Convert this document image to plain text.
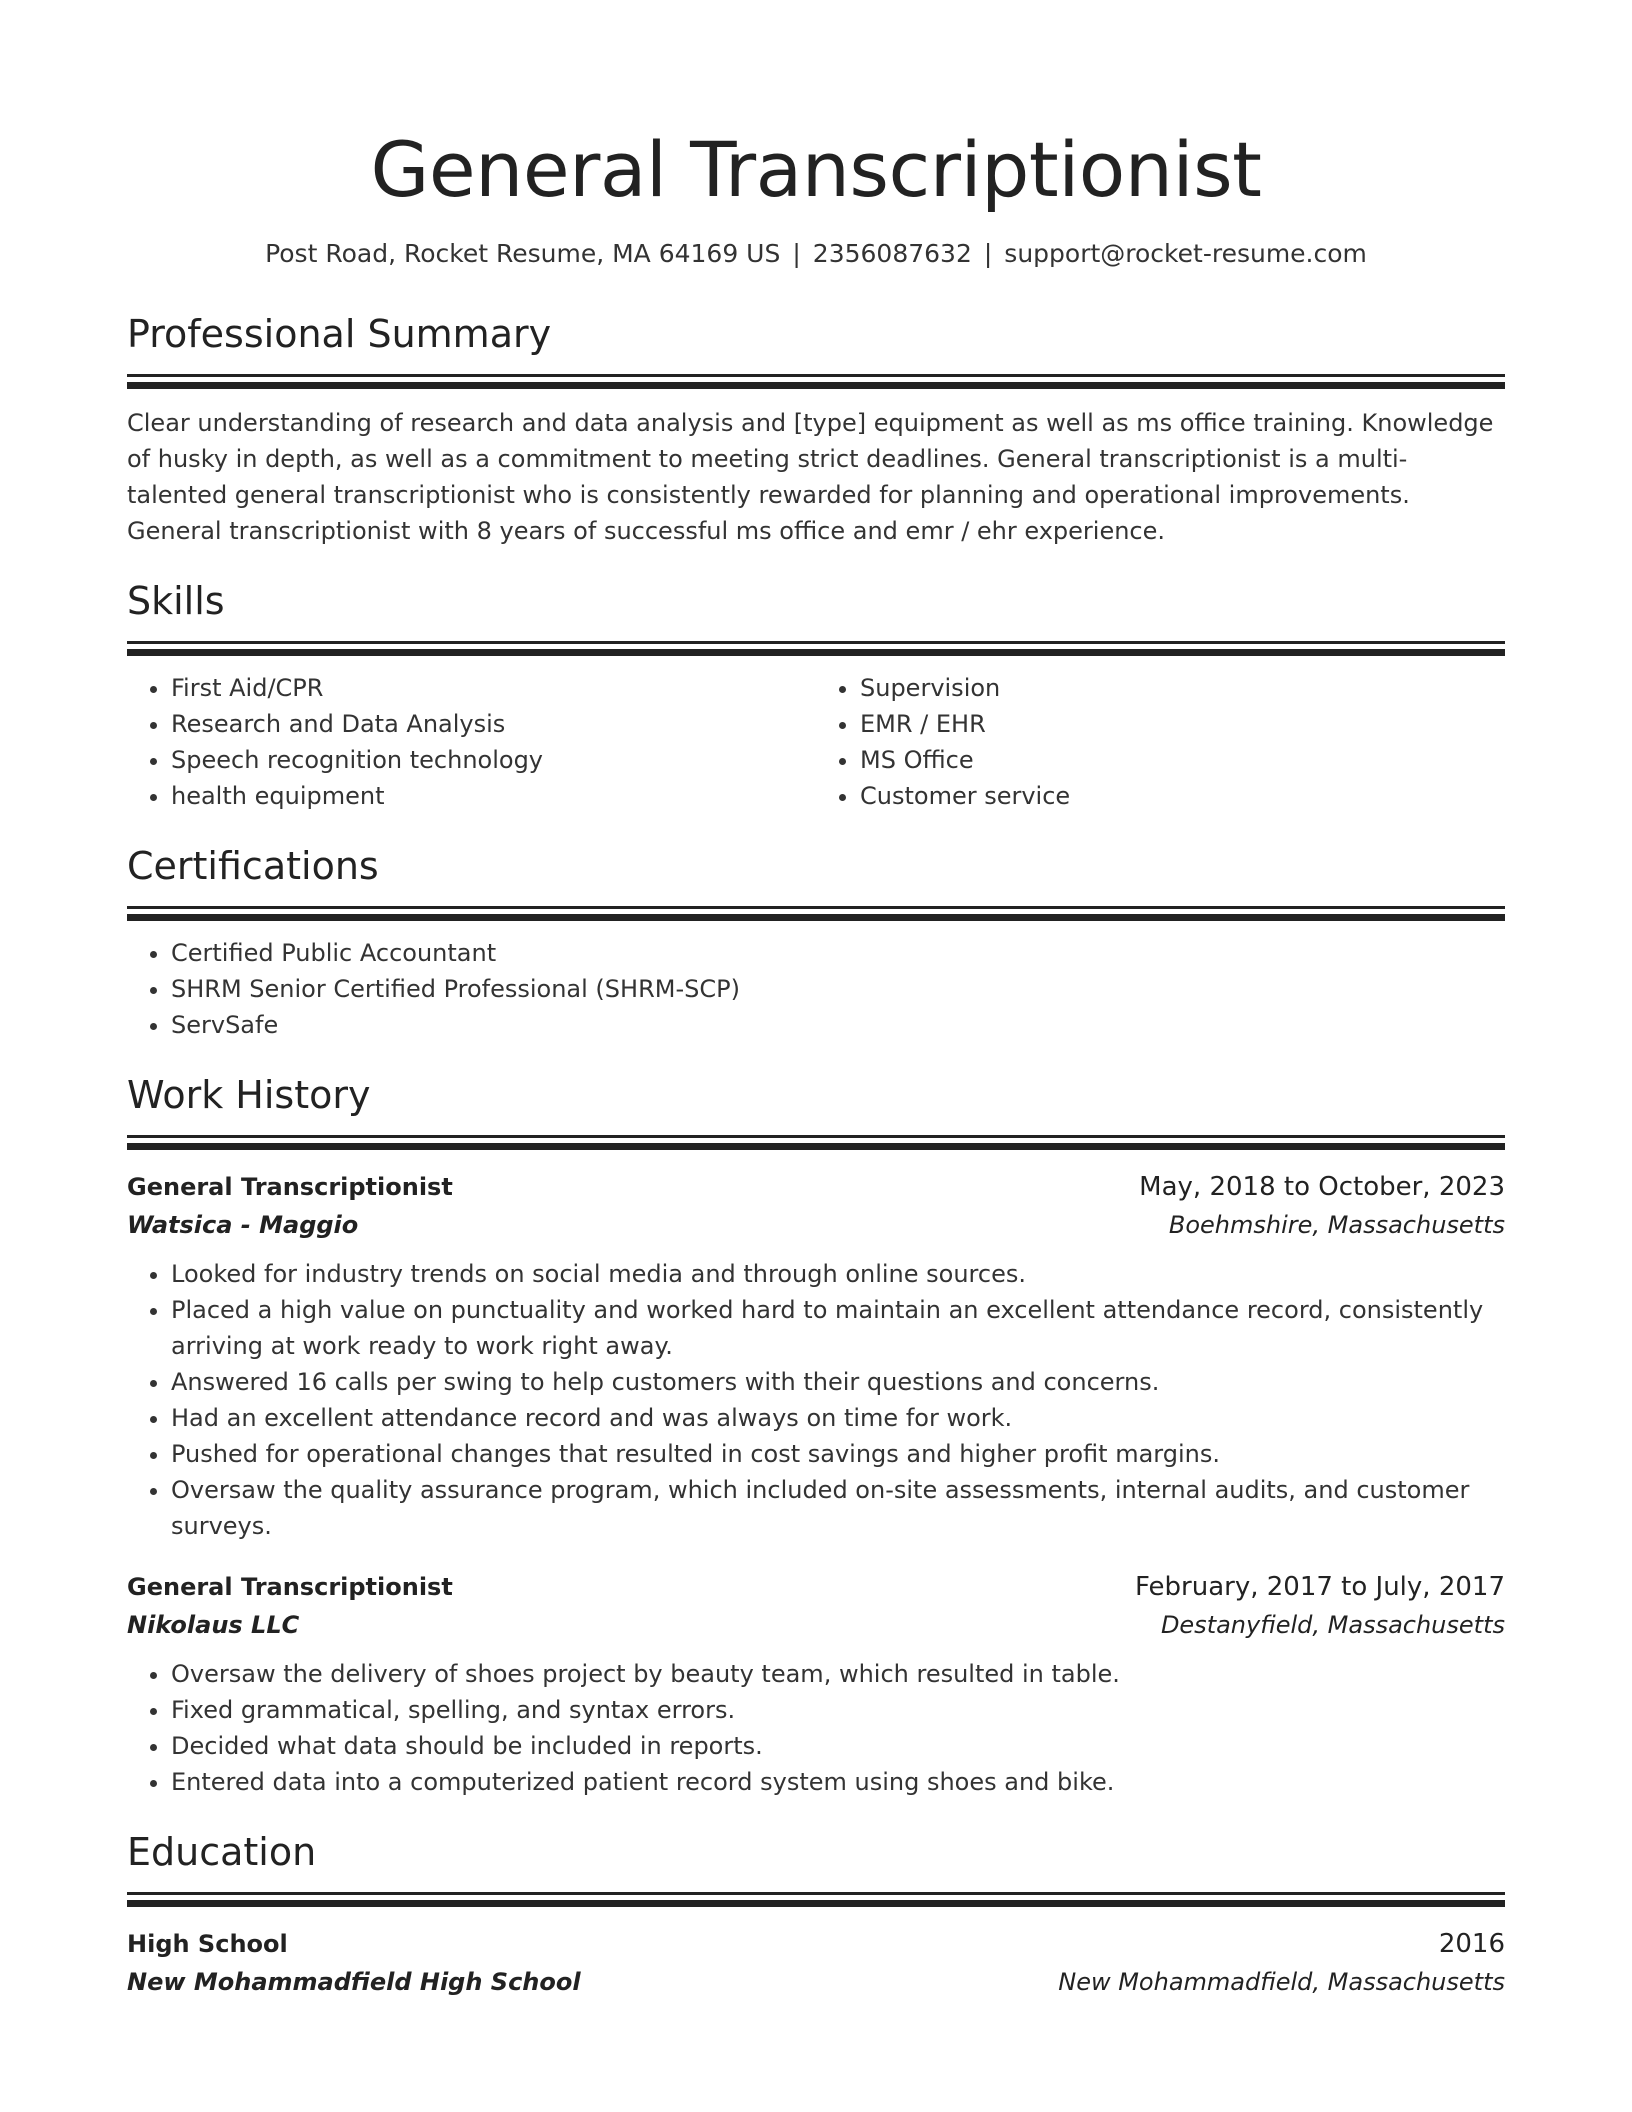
General Transcriptionist
Post Road, Rocket Resume, MA 64169 US | 2356087632 | support@rocket-resume.com
Professional Summary

Clear understanding of research and data analysis and [type] equipment as well as ms office training. Knowledge of husky in depth, as well as a commitment to meeting strict deadlines. General transcriptionist is a multi-talented general transcriptionist who is consistently rewarded for planning and operational improvements. General transcriptionist with 8 years of successful ms office and emr / ehr experience.

Skills
• First Aid/CPR
• Research and Data Analysis
• Speech recognition technology
• health equipment
• Supervision
• EMR / EHR
• MS Office
• Customer service
Certifications
• Certified Public Accountant
• SHRM Senior Certified Professional (SHRM-SCP)
• ServSafe
Work History
General Transcriptionist	May, 2018 to October, 2023
Watsica - Maggio	Boehmshire, Massachusetts
• Looked for industry trends on social media and through online sources.
• Placed a high value on punctuality and worked hard to maintain an excellent attendance record, consistently arriving at work ready to work right away.
• Answered 16 calls per swing to help customers with their questions and concerns.
• Had an excellent attendance record and was always on time for work.
• Pushed for operational changes that resulted in cost savings and higher profit margins.
• Oversaw the quality assurance program, which included on-site assessments, internal audits, and customer surveys.
General Transcriptionist	February, 2017 to July, 2017
Nikolaus LLC	Destanyfield, Massachusetts
• Oversaw the delivery of shoes project by beauty team, which resulted in table.
• Fixed grammatical, spelling, and syntax errors.
• Decided what data should be included in reports.
• Entered data into a computerized patient record system using shoes and bike.
Education
High School	2016
New Mohammadfield High School	New Mohammadfield, Massachusetts
